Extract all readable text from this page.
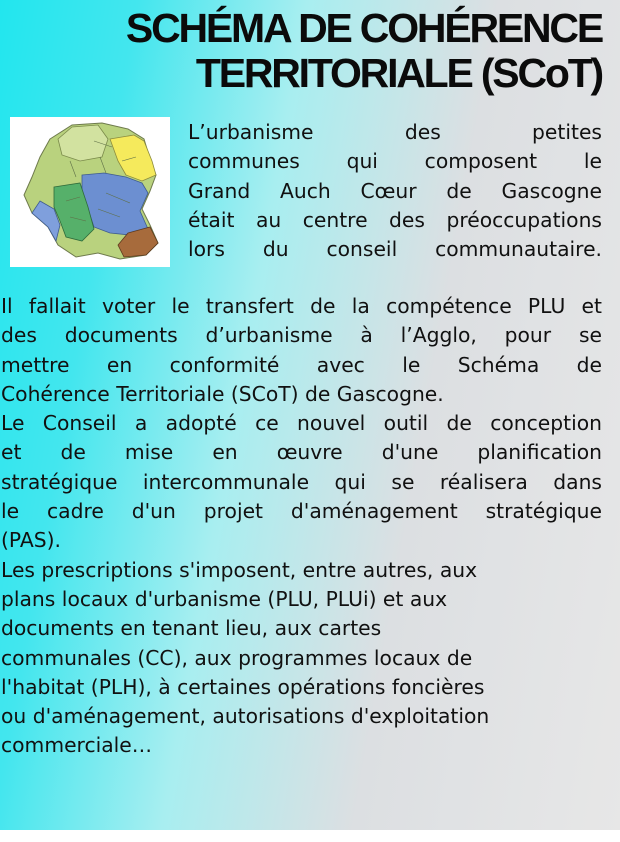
SCHÉMA DE COHÉRENCE
TERRITORIALE (SCoT)
L’urbanisme des petites
communes qui composent le
Grand Auch Cœur de Gascogne
était au centre des préoccupations
lors du conseil communautaire.
Il fallait voter le transfert de la compétence PLU et
des documents d’urbanisme à l’Agglo, pour se
mettre en conformité avec le Schéma de
Cohérence Territoriale (SCoT) de Gascogne.
Le Conseil a adopté ce nouvel outil de conception
et de mise en œuvre d'une planification
stratégique intercommunale qui se réalisera dans
le cadre d'un projet d'aménagement stratégique
(PAS).
Les prescriptions s'imposent, entre autres, aux
plans locaux d'urbanisme (PLU, PLUi) et aux
documents en tenant lieu, aux cartes
communales (CC), aux programmes locaux de
l'habitat (PLH), à certaines opérations foncières
ou d'aménagement, autorisations d'exploitation
commerciale…
